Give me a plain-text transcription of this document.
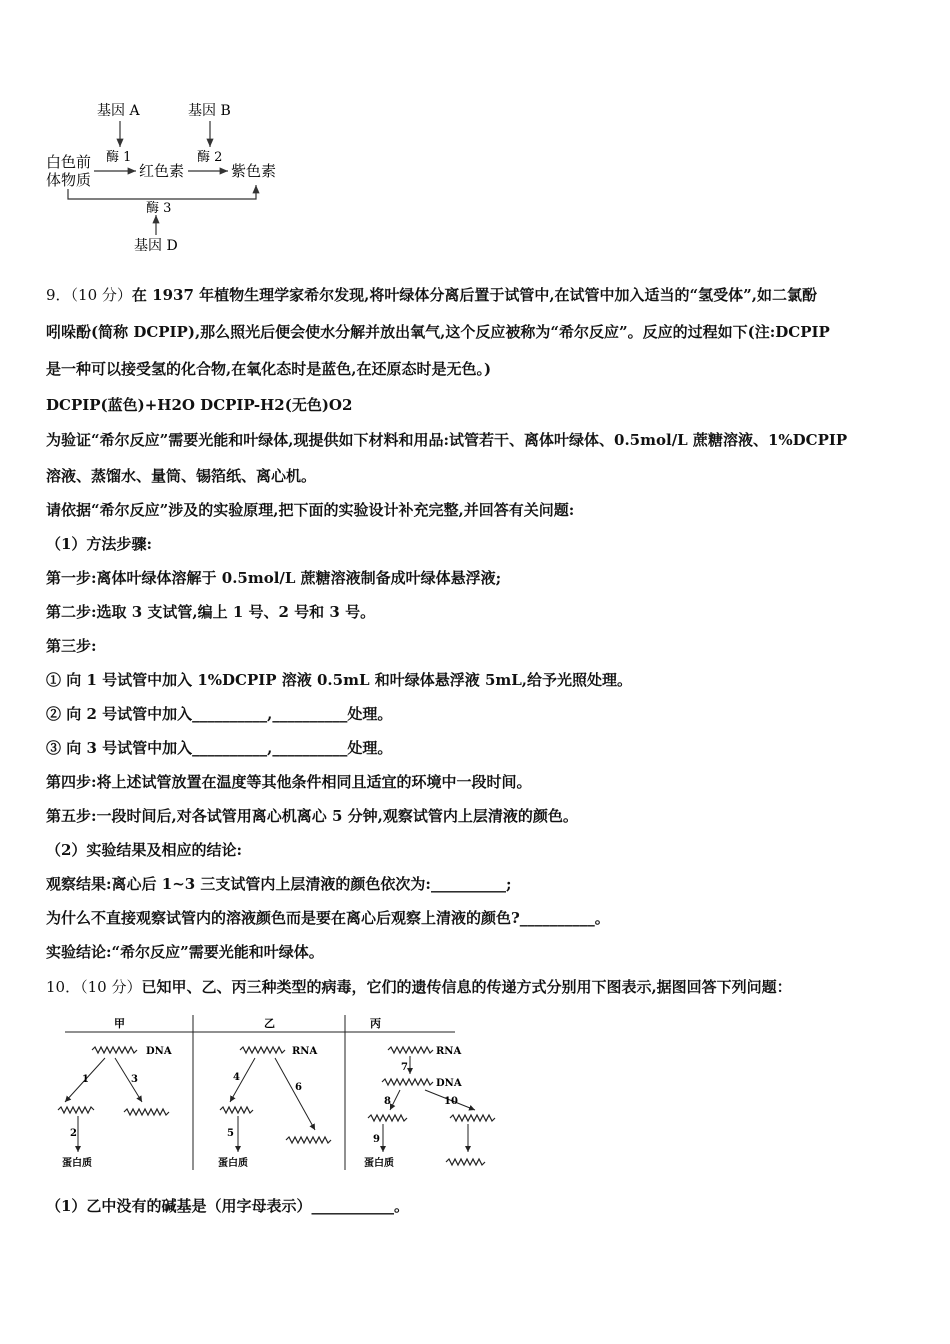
基因 A	基因 B
酶 1	酶 2
白色前
体物质	红色素	紫色素
酶 3
基因 D
9．（10 分）在 1937 年植物生理学家希尔发现,将叶绿体分离后置于试管中,在试管中加入适当的“氢受体”,如二氯酚
吲哚酚(简称 DCPIP),那么照光后便会使水分解并放出氧气,这个反应被称为“希尔反应”。反应的过程如下(注:DCPIP
是一种可以接受氢的化合物,在氧化态时是蓝色,在还原态时是无色。)
DCPIP(蓝色)+H2O DCPIP-H2(无色)O2
为验证“希尔反应”需要光能和叶绿体,现提供如下材料和用品:试管若干、离体叶绿体、0.5mol/L 蔗糖溶液、1%DCPIP
溶液、蒸馏水、量筒、锡箔纸、离心机。
请依据“希尔反应”涉及的实验原理,把下面的实验设计补充完整,并回答有关问题:
（1）方法步骤:
第一步:离体叶绿体溶解于 0.5mol/L 蔗糖溶液制备成叶绿体悬浮液;
第二步:选取 3 支试管,编上 1 号、2 号和 3 号。
第三步:
① 向 1 号试管中加入 1%DCPIP 溶液 0.5mL 和叶绿体悬浮液 5mL,给予光照处理。
② 向 2 号试管中加入__________,__________处理。
③ 向 3 号试管中加入__________,__________处理。
第四步:将上述试管放置在温度等其他条件相同且适宜的环境中一段时间。
第五步:一段时间后,对各试管用离心机离心 5 分钟,观察试管内上层清液的颜色。
（2）实验结果及相应的结论:
观察结果:离心后 1~3 三支试管内上层清液的颜色依次为:__________;
为什么不直接观察试管内的溶液颜色而是要在离心后观察上清液的颜色?__________。
实验结论:“希尔反应”需要光能和叶绿体。
10．（10 分）已知甲、乙、丙三种类型的病毒，它们的遗传信息的传递方式分别用下图表示,据图回答下列问题：
甲	乙	丙
DNA
1	3
2
蛋白质
RNA
4
6
5
蛋白质
RNA
7
DNA
8	10
9
蛋白质
（1）乙中没有的碱基是（用字母表示）___________。
